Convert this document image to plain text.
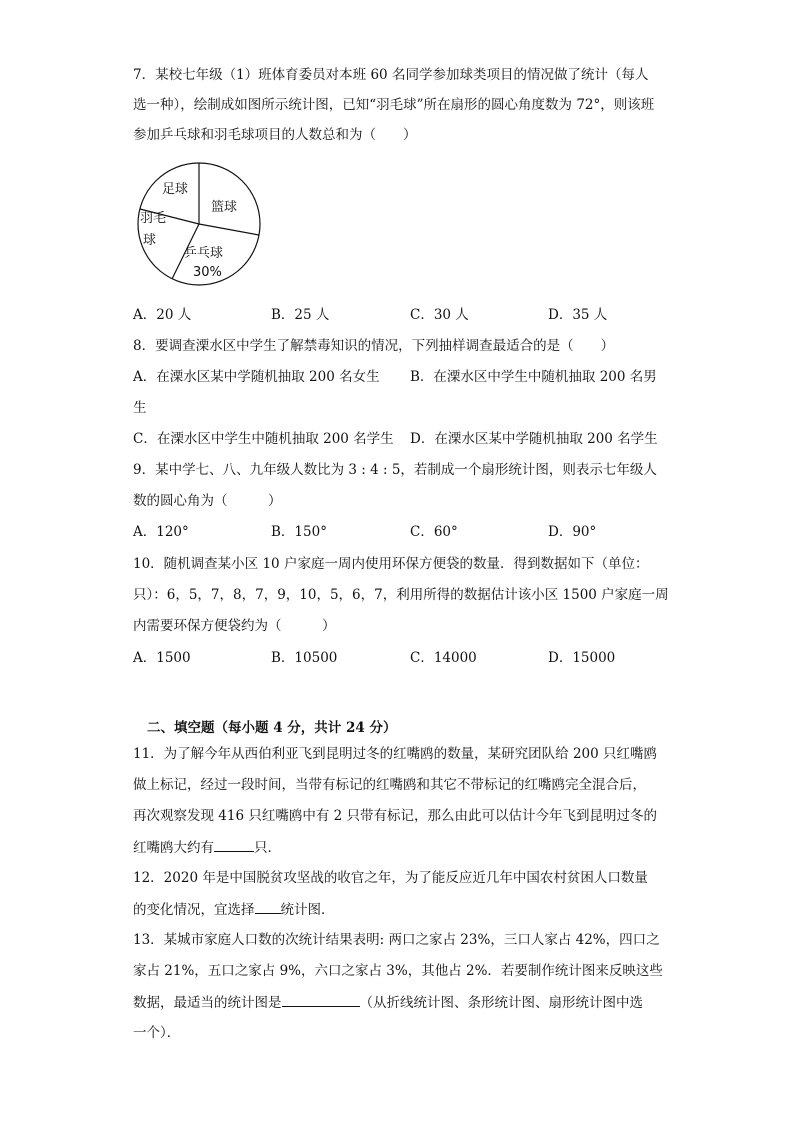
7．某校七年级（1）班体育委员对本班 60 名同学参加球类项目的情况做了统计（每人
选一种），绘制成如图所示统计图，已知“羽毛球”所在扇形的圆心角度数为 72°，则该班
参加乒乓球和羽毛球项目的人数总和为（　　）
足球
篮球
羽毛
球
乒乓球
30%
A．20 人	B．25 人	C．30 人	D．35 人
8．要调查溧水区中学生了解禁毒知识的情况，下列抽样调查最适合的是（　　）
A．在溧水区某中学随机抽取 200 名女生 B．在溧水区中学生中随机抽取 200 名男
生
C．在溧水区中学生中随机抽取 200 名学生 D．在溧水区某中学随机抽取 200 名学生
9．某中学七、八、九年级人数比为 3 : 4 : 5，若制成一个扇形统计图，则表示七年级人
数的圆心角为（　　　）
A．120°	B．150°	C．60°	D．90°
10．随机调查某小区 10 户家庭一周内使用环保方便袋的数量．得到数据如下（单位：
只）：6，5，7，8，7，9，10，5，6，7，利用所得的数据估计该小区 1500 户家庭一周
内需要环保方便袋约为（　　　）
A．1500	B．10500	C．14000	D．15000
二、填空题（每小题 4 分，共计 24 分）
11．为了解今年从西伯利亚飞到昆明过冬的红嘴鸥的数量，某研究团队给 200 只红嘴鸥
做上标记，经过一段时间，当带有标记的红嘴鸥和其它不带标记的红嘴鸥完全混合后，
再次观察发现 416 只红嘴鸥中有 2 只带有标记，那么由此可以估计今年飞到昆明过冬的
红嘴鸥大约有	只．
12．2020 年是中国脱贫攻坚战的收官之年，为了能反应近几年中国农村贫困人口数量
的变化情况，宜选择 统计图．
13．某城市家庭人口数的次统计结果表明: 两口之家占 23%，三口人家占 42%，四口之
家占 21%，五口之家占 9%，六口之家占 3%，其他占 2%．若要制作统计图来反映这些
数据，最适当的统计图是	（从折线统计图、条形统计图、扇形统计图中选
一个）．
